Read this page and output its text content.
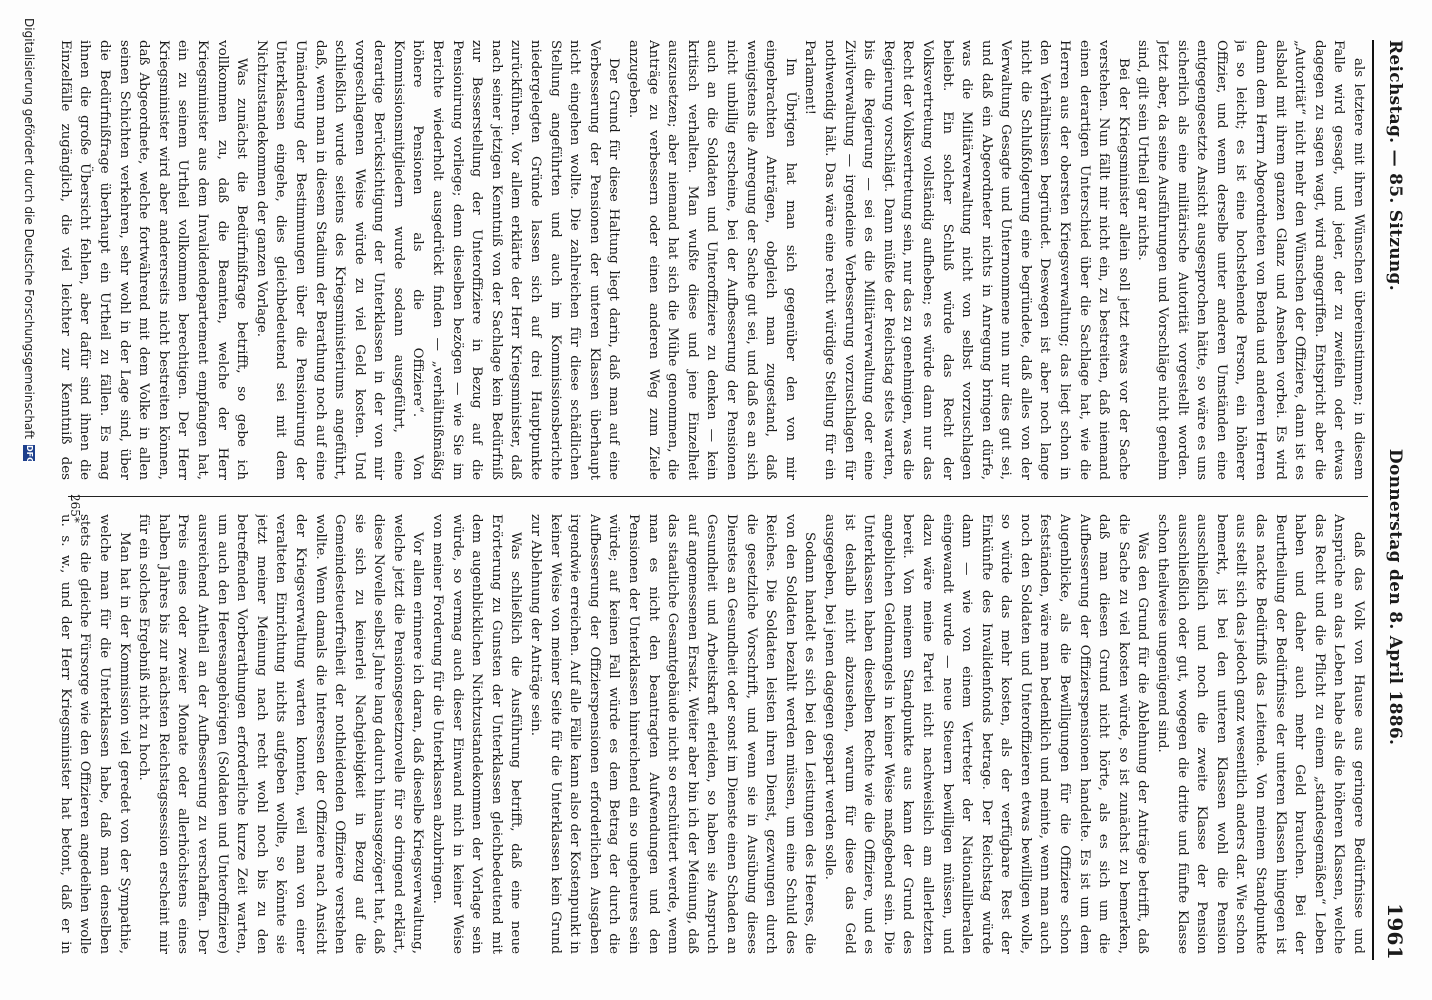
Reichstag. — 85. Sitzung.
Donnerstag den 8. April 1886.
1961

als letztere mit ihren Wünschen übereinstimmen; in diesem Falle wird gesagt, und jeder, der zu zweifeln oder etwas dagegen zu sagen wagt, wird angegriffen. Entspricht aber die „Autorität“ nicht mehr den Wünschen der Offiziere, dann ist es alsbald mit ihrem ganzen Glanz und Ansehen vorbei. Es wird dann dem Herrn Abgeordneten von Benda und anderen Herren ja so leicht; es ist eine hochstehende Person, ein höherer Offizier, und wenn derselbe unter anderen Umständen eine entgegengesetzte Ansicht ausgesprochen hätte, so wäre es uns sicherlich als eine militärische Autorität vorgestellt worden. Jetzt aber, da seine Ausführungen und Vorschläge nicht genehm sind, gilt sein Urtheil gar nichts.

Bei der Kriegsminister allein soll jetzt etwas vor der Sache verstehen. Nun fällt mir nicht ein, zu bestreiten, daß niemand einen derartigen Unterschied über die Sachlage hat, wie die Herren aus der obersten Kriegsverwaltung; das liegt schon in den Verhältnissen begründet. Deswegen ist aber noch lange nicht die Schlußfolgerung eine begründete, daß alles von der Verwaltung Gesagte und Unternommene nun nur dies gut sei, und daß ein Abgeordneter nichts in Anregung bringen dürfe, was die Militärverwaltung nicht von selbst vorzuschlagen beliebt. Ein solcher Schluß würde das Recht der Volksvertretung vollständig aufheben; es würde dann nur das Recht der Volksvertretung sein, nur das zu genehmigen, was die Regierung vorschlägt. Dann müßte der Reichstag stets warten, bis die Regierung — sei es die Militärverwaltung oder eine Zivilverwaltung — irgendeine Verbesserung vorzuschlagen für nothwendig hält. Das wäre eine recht würdige Stellung für ein Parlament!

Im Übrigen hat man sich gegenüber den von mir eingebrachten Anträgen, obgleich man zugestand, daß wenigstens die Anregung der Sache gut sei, und daß es an sich nicht unbillig erscheine, bei der Aufbesserung der Pensionen auch an die Soldaten und Unteroffiziere zu denken — kein kritisch verhalten. Man wußte diese und jene Einzelheit auszusetzen; aber niemand hat sich die Mühe genommen, die Anträge zu verbessern oder einen anderen Weg zum Ziele anzugeben.

Der Grund für diese Haltung liegt darin, daß man auf eine Verbesserung der Pensionen der unteren Klassen überhaupt nicht eingehen wollte. Die zahlreichen für diese schädlichen Stellung angeführten und auch im Kommissionsberichte niedergelegten Gründe lassen sich auf drei Hauptpunkte zurückführen. Vor allem erklärte der Herr Kriegsminister, daß nach seiner jetzigen Kenntniß von der Sachlage kein Bedürfniß zur Besserstellung der Unteroffiziere in Bezug auf die Pensionirung vorliege; denn dieselben bezögen — wie Sie im Berichte wiederholt ausgedrückt finden — „verhältnißmäßig höhere Pensionen als die Offiziere“. Von Kommissionsmitgliedern wurde sodann ausgeführt, eine derartige Berücksichtigung der Unterklassen in der von mir vorgeschlagenen Weise würde zu viel Geld kosten. Und schließlich wurde seitens des Kriegsministeriums angeführt, daß, wenn man in diesem Stadium der Berathung noch auf eine Umänderung der Bestimmungen über die Pensionirung der Unterklassen eingehe, dies gleichbedeutend sei mit dem Nichtzustandekommen der ganzen Vorlage.

Was zunächst die Bedürfnißfrage betrifft, so gebe ich vollkommen zu, daß die Beamten, welche der Herr Kriegsminister aus dem Invalidendepartement empfangen hat, ein zu seinem Urtheil vollkommen berechtigen. Der Herr Kriegsminister wird aber andererseits nicht bestreiten können, daß Abgeordnete, welche fortwährend mit dem Volke in allen seinen Schichten verkehren, sehr wohl in der Lage sind, über die Bedürfnißfrage überhaupt ein Urtheil zu fällen. Es mag ihnen die große Übersicht fehlen, aber dafür sind ihnen die Einzelfälle zugänglich, die viel leichter zur Kenntniß des

daß das Volk von Hause aus geringere Bedürfnisse und Ansprüche an das Leben habe als die höheren Klassen, welche das Recht und die Pflicht zu einem „standesgemäßen“ Leben haben und daher auch mehr Geld brauchen. Bei der Beurtheilung der Bedürfnisse der unteren Klassen hingegen ist das nackte Bedürfniß das Leitende. Von meinem Standpunkte aus stellt sich das jedoch ganz wesentlich anders dar. Wie schon bemerkt, ist bei den unteren Klassen wohl die Pension ausschließlich und noch die zweite Klasse der Pension ausschließlich oder gut, wogegen die dritte und fünfte Klasse schon theilweise ungenügend sind.

Was den Grund für die Ablehnung der Anträge betrifft, daß die Sache zu viel kosten würde, so ist zunächst zu bemerken, daß man diesen Grund nicht hörte, als es sich um die Aufbesserung der Offizierspensionen handelte. Es ist um dem Augenblicke, als die Bewilligungen für die Offiziere schon festständen, wäre man bedenklich und meinte, wenn man auch noch den Soldaten und Unteroffizieren etwas bewilligen wolle, so würde das mehr kosten, als der verfügbare Rest der Einkünfte des Invalidenfonds betrage. Der Reichstag würde dann — wie von einem Vertreter der Nationalliberalen eingewandt wurde — neue Steuern bewilligen müssen, und dazu wäre meine Partei nicht nachweislich am allerletzten bereit. Von meinem Standpunkte aus kann der Grund des angeblichen Geldmangels in keiner Weise maßgebend sein. Die Unterklassen haben dieselben Rechte wie die Offiziere, und es ist deshalb nicht abzusehen, warum für diese das Geld ausgegeben, bei jenen dagegen gespart werden solle.

Sodann handelt es sich bei den Leistungen des Heeres, die von den Soldaten bezahlt werden müssen, um eine Schuld des Reiches. Die Soldaten leisten ihren Dienst, gezwungen durch die gesetzliche Vorschrift, und wenn sie in Ausübung dieses Dienstes an Gesundheit oder sonst im Dienste einen Schaden an Gesundheit und Arbeitskraft erleiden, so haben sie Anspruch auf angemessenen Ersatz. Weiter aber bin ich der Meinung, daß das staatliche Gesamtgebäude nicht so erschüttert werde, wenn man es nicht den beantragten Aufwendungen und den Pensionen der Unterklassen hinreichend ein so ungeheures sein würde; auf keinen Fall würde es dem Betrag der durch die Aufbesserung der Offizierspensionen erforderlichen Ausgaben irgendwie erreichen. Auf alle Fälle kann also der Kostenpunkt in keiner Weise von meiner Seite für die Unterklassen kein Grund zur Ablehnung der Anträge sein.

Was schließlich die Ausführung betrifft, daß eine neue Erörterung zu Gunsten der Unterklassen gleichbedeutend mit dem augenblicklichen Nichtzustandekommen der Vorlage sein würde, so vermag auch dieser Einwand mich in keiner Weise von meiner Forderung für die Unterklassen abzubringen.

Vor allem erinnere ich daran, daß dieselbe Kriegsverwaltung, welche jetzt die Pensionsgesetznovelle für so dringend erklärt, diese Novelle selbst Jahre lang dadurch hinausgezögert hat, daß sie sich zu keinerlei Nachgiebigkeit in Bezug auf die Gemeindesteuerfreiheit der nothleidenden Offiziere verstehen wollte. Wenn damals die Interessen der Offiziere nach Ansicht der Kriegsverwaltung warten konnten, weil man von einer veralteten Einrichtung nichts aufgeben wollte, so könnte sie jetzt meiner Meinung nach recht wohl noch bis zu den betreffenden Vorberathungen erforderliche kurze Zeit warten, um auch den Heeresangehörigen (Soldaten und Unteroffiziere) ausreichend Antheil an der Aufbesserung zu verschaffen. Der Preis eines oder zweier Monate oder allerhöchstens eines halben Jahres bis zur nächsten Reichstagssession erscheint mir für ein solches Ergebniß nicht zu hoch.

Man hat in der Kommission viel geredet von der Sympathie, welche man für die Unterklassen habe, daß man denselben stets die gleiche Fürsorge wie den Offizieren angedeihen wolle u. s. w., und der Herr Kriegsminister hat betont, daß er in

265*
Digitalisierung gefördert durch die Deutsche Forschungsgemeinschaft
DFG
